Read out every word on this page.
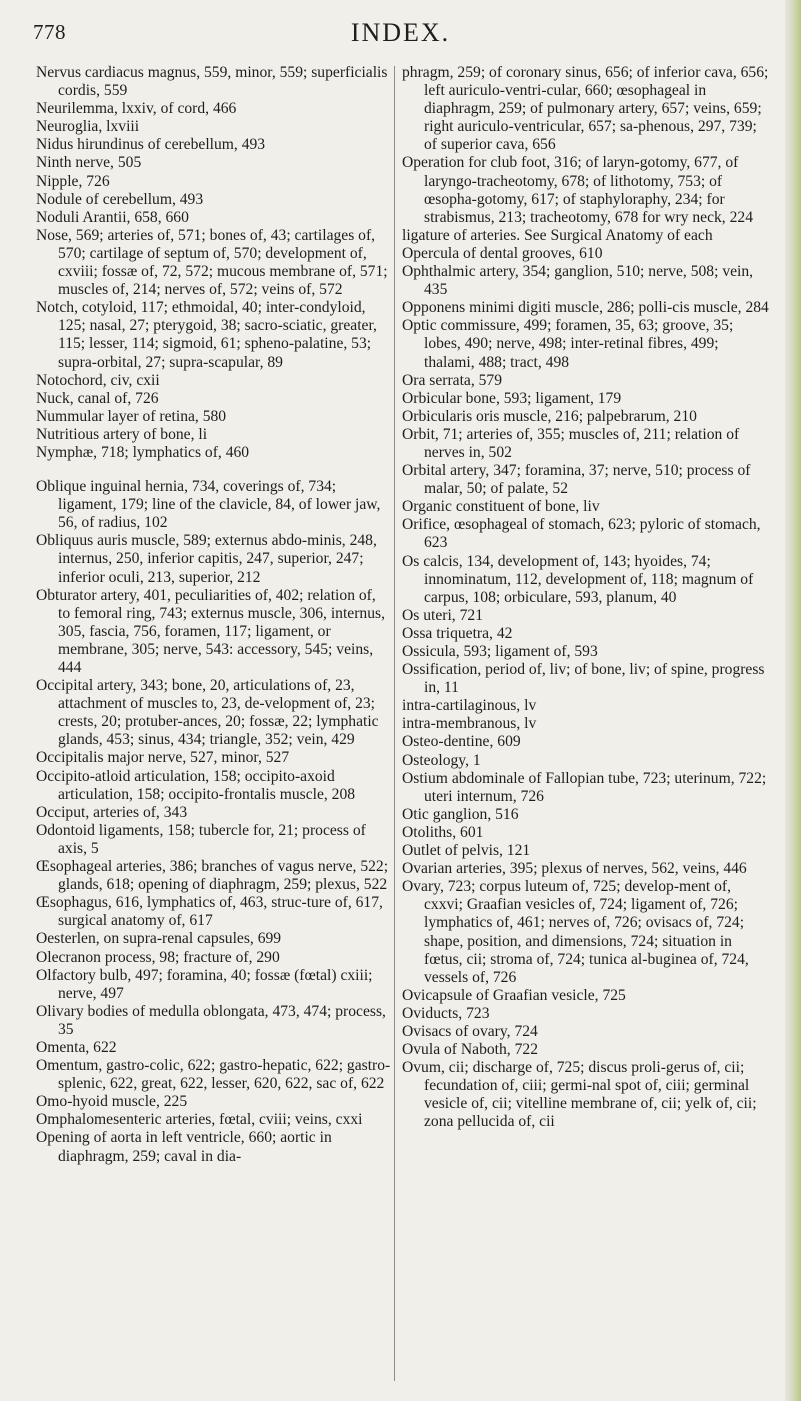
778	INDEX.

Nervus cardiacus magnus, 559, minor, 559; superficialis cordis, 559

Neurilemma, lxxiv, of cord, 466

Neuroglia, lxviii

Nidus hirundinus of cerebellum, 493

Ninth nerve, 505

Nipple, 726

Nodule of cerebellum, 493

Noduli Arantii, 658, 660

Nose, 569; arteries of, 571; bones of, 43; cartilages of, 570; cartilage of septum of, 570; development of, cxviii; fossæ of, 72, 572; mucous membrane of, 571; muscles of, 214; nerves of, 572; veins of, 572

Notch, cotyloid, 117; ethmoidal, 40; inter-condyloid, 125; nasal, 27; pterygoid, 38; sacro-sciatic, greater, 115; lesser, 114; sigmoid, 61; spheno-palatine, 53; supra-orbital, 27; supra-scapular, 89

Notochord, civ, cxii

Nuck, canal of, 726

Nummular layer of retina, 580

Nutritious artery of bone, li

Nymphæ, 718; lymphatics of, 460

Oblique inguinal hernia, 734, coverings of, 734; ligament, 179; line of the clavicle, 84, of lower jaw, 56, of radius, 102

Obliquus auris muscle, 589; externus abdo-minis, 248, internus, 250, inferior capitis, 247, superior, 247; inferior oculi, 213, superior, 212

Obturator artery, 401, peculiarities of, 402; relation of, to femoral ring, 743; externus muscle, 306, internus, 305, fascia, 756, foramen, 117; ligament, or membrane, 305; nerve, 543: accessory, 545; veins, 444

Occipital artery, 343; bone, 20, articulations of, 23, attachment of muscles to, 23, de-velopment of, 23; crests, 20; protuber-ances, 20; fossæ, 22; lymphatic glands, 453; sinus, 434; triangle, 352; vein, 429

Occipitalis major nerve, 527, minor, 527

Occipito-atloid articulation, 158; occipito-axoid articulation, 158; occipito-frontalis muscle, 208

Occiput, arteries of, 343

Odontoid ligaments, 158; tubercle for, 21; process of axis, 5

Œsophageal arteries, 386; branches of vagus nerve, 522; glands, 618; opening of diaphragm, 259; plexus, 522

Œsophagus, 616, lymphatics of, 463, struc-ture of, 617, surgical anatomy of, 617

Oesterlen, on supra-renal capsules, 699

Olecranon process, 98; fracture of, 290

Olfactory bulb, 497; foramina, 40; fossæ (fœtal) cxiii; nerve, 497

Olivary bodies of medulla oblongata, 473, 474; process, 35

Omenta, 622

Omentum, gastro-colic, 622; gastro-hepatic, 622; gastro-splenic, 622, great, 622, lesser, 620, 622, sac of, 622

Omo-hyoid muscle, 225

Omphalomesenteric arteries, fœtal, cviii; veins, cxxi

Opening of aorta in left ventricle, 660; aortic in diaphragm, 259; caval in dia-

phragm, 259; of coronary sinus, 656; of inferior cava, 656; left auriculo-ventri-cular, 660; œsophageal in diaphragm, 259; of pulmonary artery, 657; veins, 659; right auriculo-ventricular, 657; sa-phenous, 297, 739; of superior cava, 656

Operation for club foot, 316; of laryn-gotomy, 677, of laryngo-tracheotomy, 678; of lithotomy, 753; of œsopha-gotomy, 617; of staphyloraphy, 234; for strabismus, 213; tracheotomy, 678 for wry neck, 224

ligature of arteries. See Surgical Anatomy of each

Opercula of dental grooves, 610

Ophthalmic artery, 354; ganglion, 510; nerve, 508; vein, 435

Opponens minimi digiti muscle, 286; polli-cis muscle, 284

Optic commissure, 499; foramen, 35, 63; groove, 35; lobes, 490; nerve, 498; inter-retinal fibres, 499; thalami, 488; tract, 498

Ora serrata, 579

Orbicular bone, 593; ligament, 179

Orbicularis oris muscle, 216; palpebrarum, 210

Orbit, 71; arteries of, 355; muscles of, 211; relation of nerves in, 502

Orbital artery, 347; foramina, 37; nerve, 510; process of malar, 50; of palate, 52

Organic constituent of bone, liv

Orifice, œsophageal of stomach, 623; pyloric of stomach, 623

Os calcis, 134, development of, 143; hyoides, 74; innominatum, 112, development of, 118; magnum of carpus, 108; orbiculare, 593, planum, 40

Os uteri, 721

Ossa triquetra, 42

Ossicula, 593; ligament of, 593

Ossification, period of, liv; of bone, liv; of spine, progress in, 11

intra-cartilaginous, lv

intra-membranous, lv

Osteo-dentine, 609

Osteology, 1

Ostium abdominale of Fallopian tube, 723; uterinum, 722; uteri internum, 726

Otic ganglion, 516

Otoliths, 601

Outlet of pelvis, 121

Ovarian arteries, 395; plexus of nerves, 562, veins, 446

Ovary, 723; corpus luteum of, 725; develop-ment of, cxxvi; Graafian vesicles of, 724; ligament of, 726; lymphatics of, 461; nerves of, 726; ovisacs of, 724; shape, position, and dimensions, 724; situation in fœtus, cii; stroma of, 724; tunica al-buginea of, 724, vessels of, 726

Ovicapsule of Graafian vesicle, 725

Oviducts, 723

Ovisacs of ovary, 724

Ovula of Naboth, 722

Ovum, cii; discharge of, 725; discus proli-gerus of, cii; fecundation of, ciii; germi-nal spot of, ciii; germinal vesicle of, cii; vitelline membrane of, cii; yelk of, cii; zona pellucida of, cii
